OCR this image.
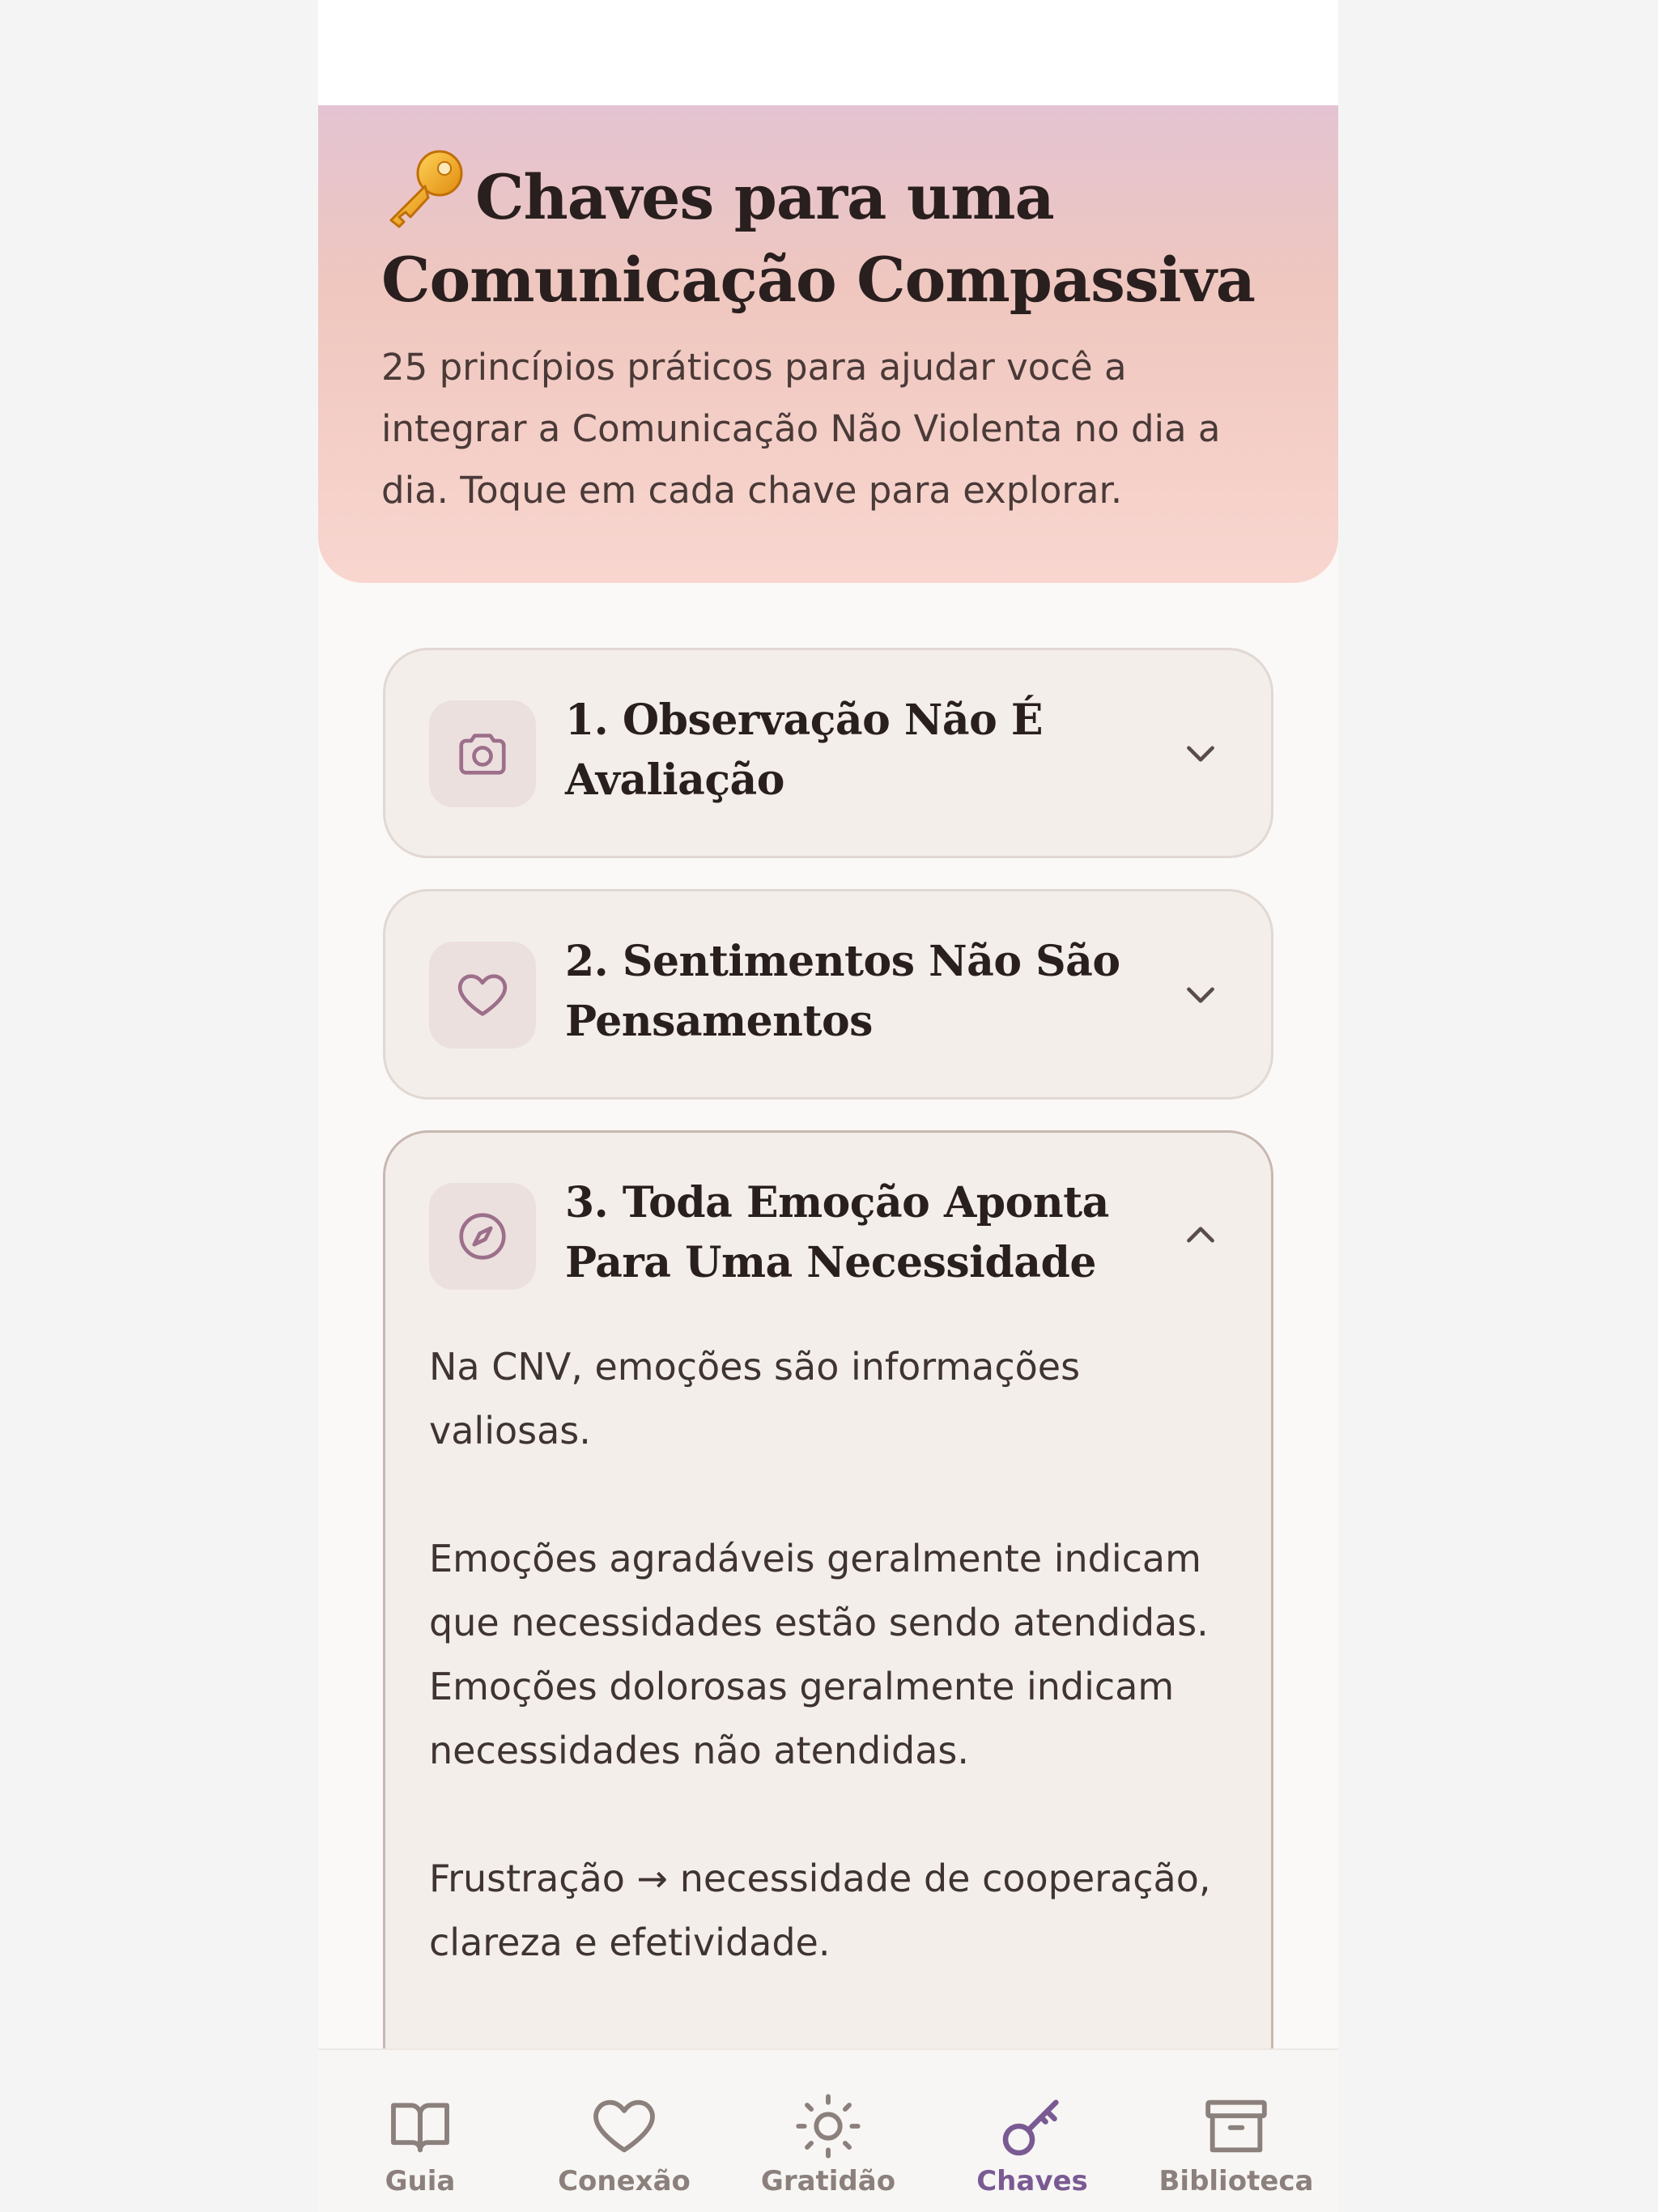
Chaves para uma Comunicação Compassiva
25 princípios práticos para ajudar você a integrar a Comunicação Não Violenta no dia a dia. Toque em cada chave para explorar.
1. Observação Não É Avaliação
2. Sentimentos Não São Pensamentos
3. Toda Emoção Aponta Para Uma Necessidade

Na CNV, emoções são informações valiosas.

Emoções agradáveis geralmente indicam que necessidades estão sendo atendidas. Emoções dolorosas geralmente indicam necessidades não atendidas.

Frustração → necessidade de cooperação, clareza e efetividade.

Guia	Conexão	Gratidão	Chaves	Biblioteca
